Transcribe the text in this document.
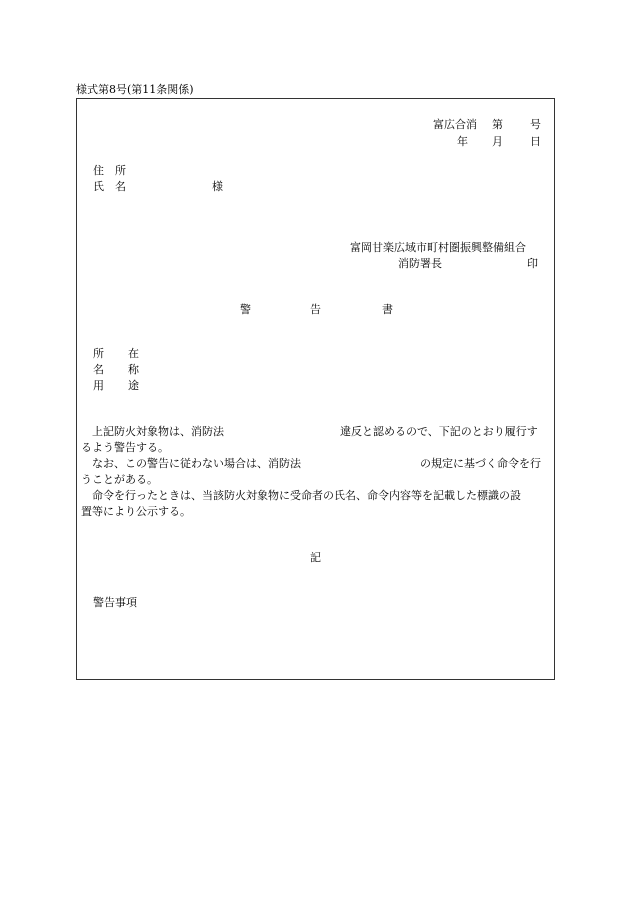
様式第8号(第11条関係)
富広合消 第 号
年 月 日
住　所
氏　名	様
富岡甘楽広域市町村圏振興整備組合
消防署長	印
警	告	書
所 在
名 称
用 途
上記防火対象物は、消防法	違反と認めるので、下記のとおり履行す
るよう警告する。
なお、この警告に従わない場合は、消防法	の規定に基づく命令を行
うことがある。
命令を行ったときは、当該防火対象物に受命者の氏名、命令内容等を記載した標識の設
置等により公示する。
記
警告事項
